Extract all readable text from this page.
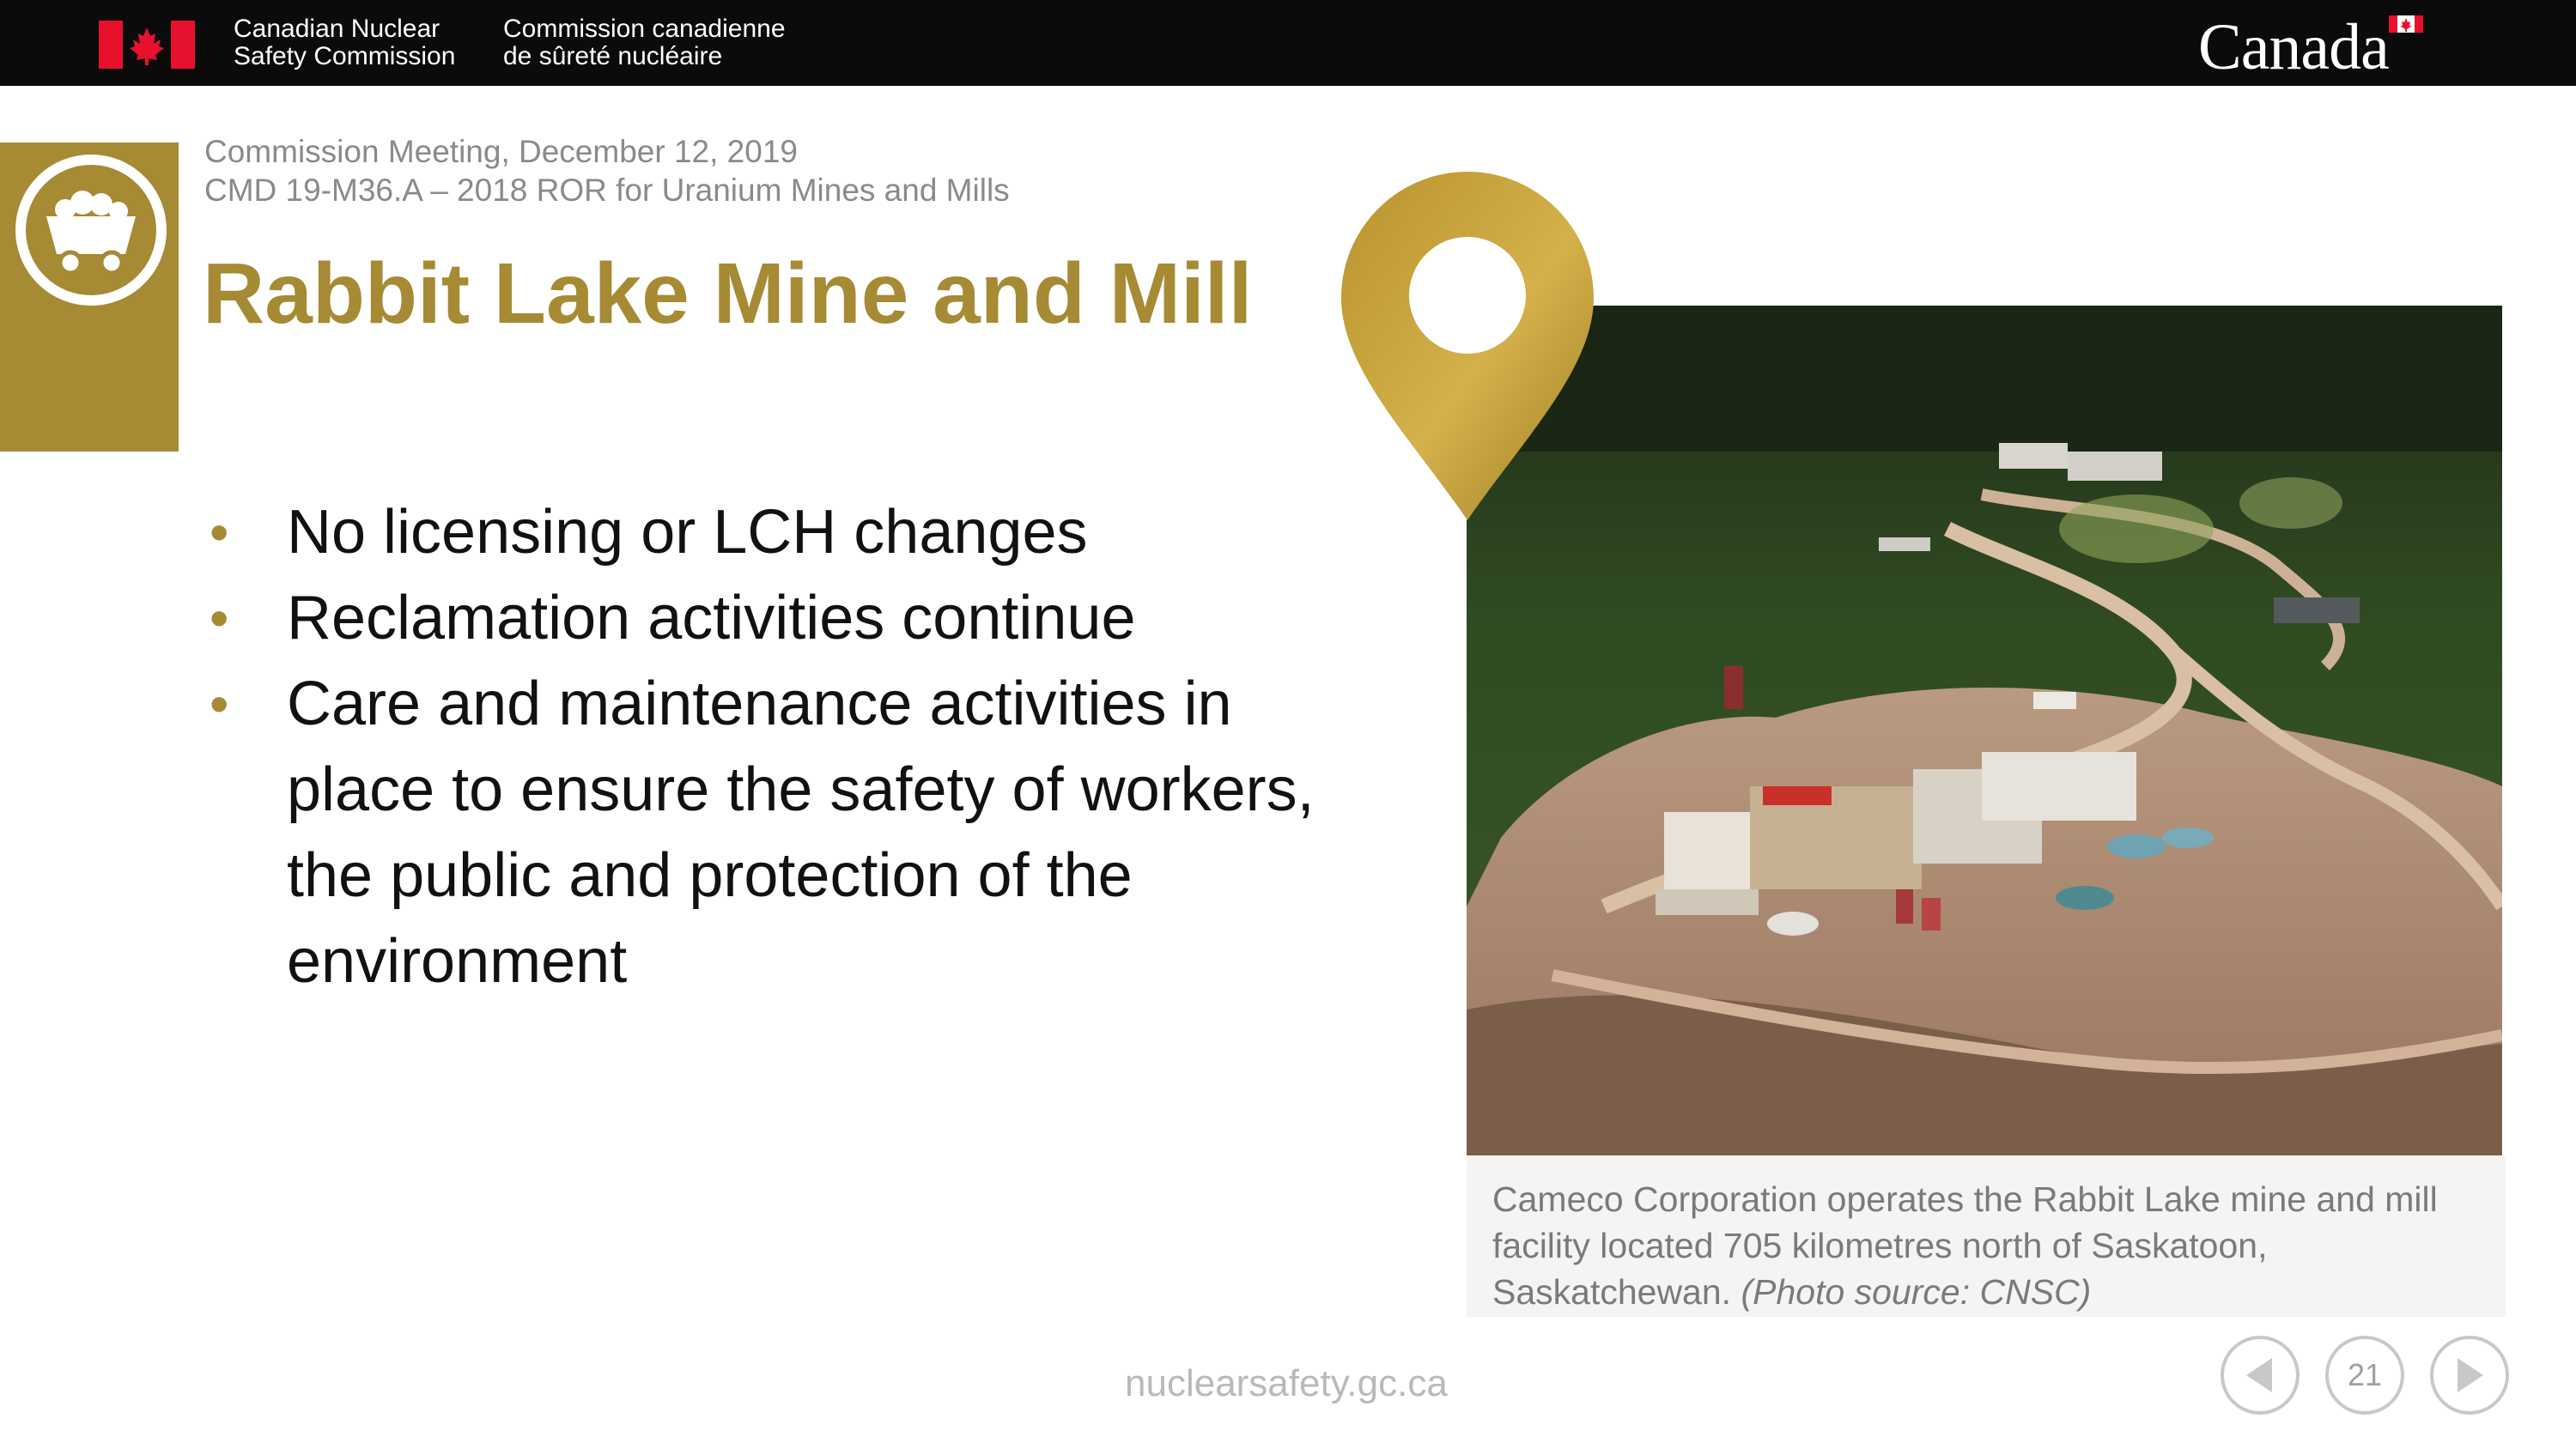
Canadian Nuclear
Safety Commission
Commission canadienne
de sûreté nucléaire	Canada
Commission Meeting, December 12, 2019
CMD 19-M36.A – 2018 ROR for Uranium Mines and Mills
Rabbit Lake Mine and Mill
• No licensing or LCH changes
• Reclamation activities continue
• Care and maintenance activities in place to ensure the safety of workers, the public and protection of the environment
Cameco Corporation operates the Rabbit Lake mine and mill facility located 705 kilometres north of Saskatoon, Saskatchewan. (Photo source: CNSC)
nuclearsafety.gc.ca	21
